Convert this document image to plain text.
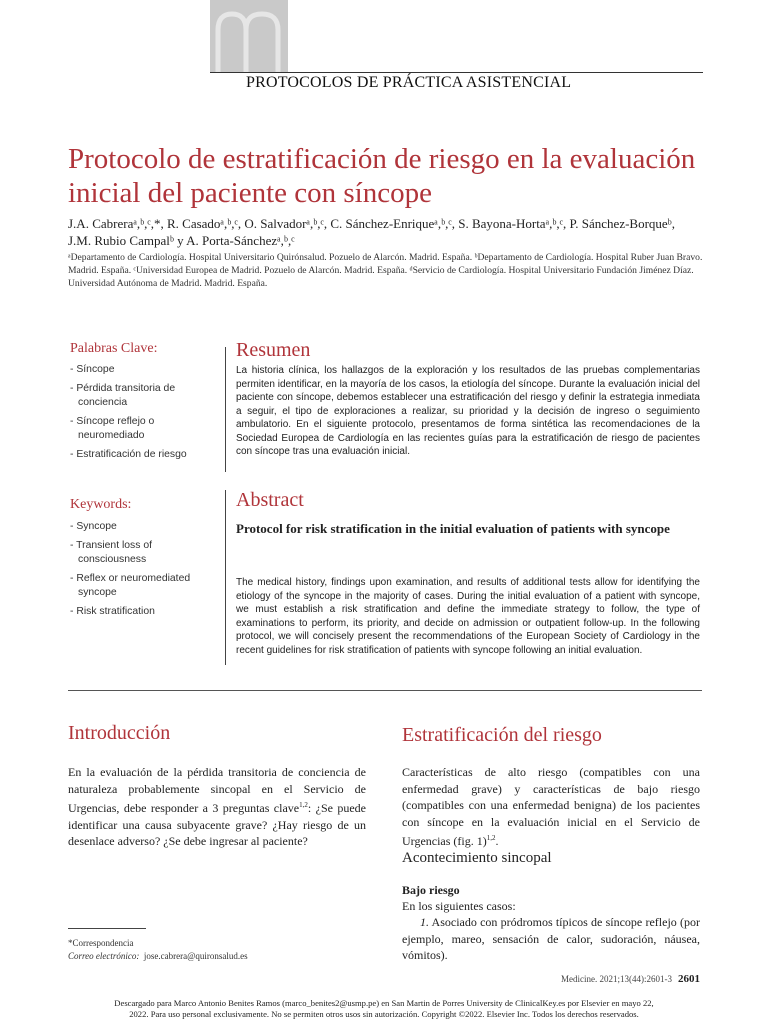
PROTOCOLOS DE PRÁCTICA ASISTENCIAL
Protocolo de estratificación de riesgo en la evaluación inicial del paciente con síncope
J.A. Cabreraᵃ,ᵇ,ᶜ,*, R. Casadoᵃ,ᵇ,ᶜ, O. Salvadorᵃ,ᵇ,ᶜ, C. Sánchez-Enriqueᵃ,ᵇ,ᶜ, S. Bayona-Hortaᵃ,ᵇ,ᶜ, P. Sánchez-Borqueᵇ,
J.M. Rubio Campalᵇ y A. Porta-Sánchezᵃ,ᵇ,ᶜ
ᵃDepartamento de Cardiología. Hospital Universitario Quirónsalud. Pozuelo de Alarcón. Madrid. España. ᵇDepartamento de Cardiología. Hospital Ruber Juan Bravo. Madrid. España. ᶜUniversidad Europea de Madrid. Pozuelo de Alarcón. Madrid. España. ᵈServicio de Cardiología. Hospital Universitario Fundación Jiménez Díaz. Universidad Autónoma de Madrid. Madrid. España.
Palabras Clave:
- Síncope
- Pérdida transitoria de conciencia
- Síncope reflejo o neuromediado
- Estratificación de riesgo
Keywords:
- Syncope
- Transient loss of consciousness
- Reflex or neuromediated syncope
- Risk stratification
Resumen
La historia clínica, los hallazgos de la exploración y los resultados de las pruebas complementarias permiten identificar, en la mayoría de los casos, la etiología del síncope. Durante la evaluación inicial del paciente con síncope, debemos establecer una estratificación del riesgo y definir la estrategia inmediata a seguir, el tipo de exploraciones a realizar, su prioridad y la decisión de ingreso o seguimiento ambulatorio. En el siguiente protocolo, presentamos de forma sintética las recomendaciones de la Sociedad Europea de Cardiología en las recientes guías para la estratificación de riesgo de pacientes con síncope tras una evaluación inicial.
Abstract
Protocol for risk stratification in the initial evaluation of patients with syncope
The medical history, findings upon examination, and results of additional tests allow for identifying the etiology of the syncope in the majority of cases. During the initial evaluation of a patient with syncope, we must establish a risk stratification and define the immediate strategy to follow, the type of examinations to perform, its priority, and decide on admission or outpatient follow-up. In the following protocol, we will concisely present the recommendations of the European Society of Cardiology in the recent guidelines for risk stratification of patients with syncope following an initial evaluation.
Introducción
En la evaluación de la pérdida transitoria de conciencia de naturaleza probablemente sincopal en el Servicio de Urgencias, debe responder a 3 preguntas clave$^{1,2}$: ¿Se puede identificar una causa subyacente grave? ¿Hay riesgo de un desenlace adverso? ¿Se debe ingresar al paciente?
Estratificación del riesgo
Características de alto riesgo (compatibles con una enfermedad grave) y características de bajo riesgo (compatibles con una enfermedad benigna) de los pacientes con síncope en la evaluación inicial en el Servicio de Urgencias (fig. 1)$^{1,2}$.
Acontecimiento sincopal
Bajo riesgo
En los siguientes casos:
1. Asociado con pródromos típicos de síncope reflejo (por ejemplo, mareo, sensación de calor, sudoración, náusea, vómitos).
*Correspondencia
Correo electrónico: jose.cabrera@quironsalud.es
Medicine. 2021;13(44):2601-3 2601
Descargado para Marco Antonio Benites Ramos (marco_benites2@usmp.pe) en San Martin de Porres University de ClinicalKey.es por Elsevier en mayo 22,
2022. Para uso personal exclusivamente. No se permiten otros usos sin autorización. Copyright ©2022. Elsevier Inc. Todos los derechos reservados.
